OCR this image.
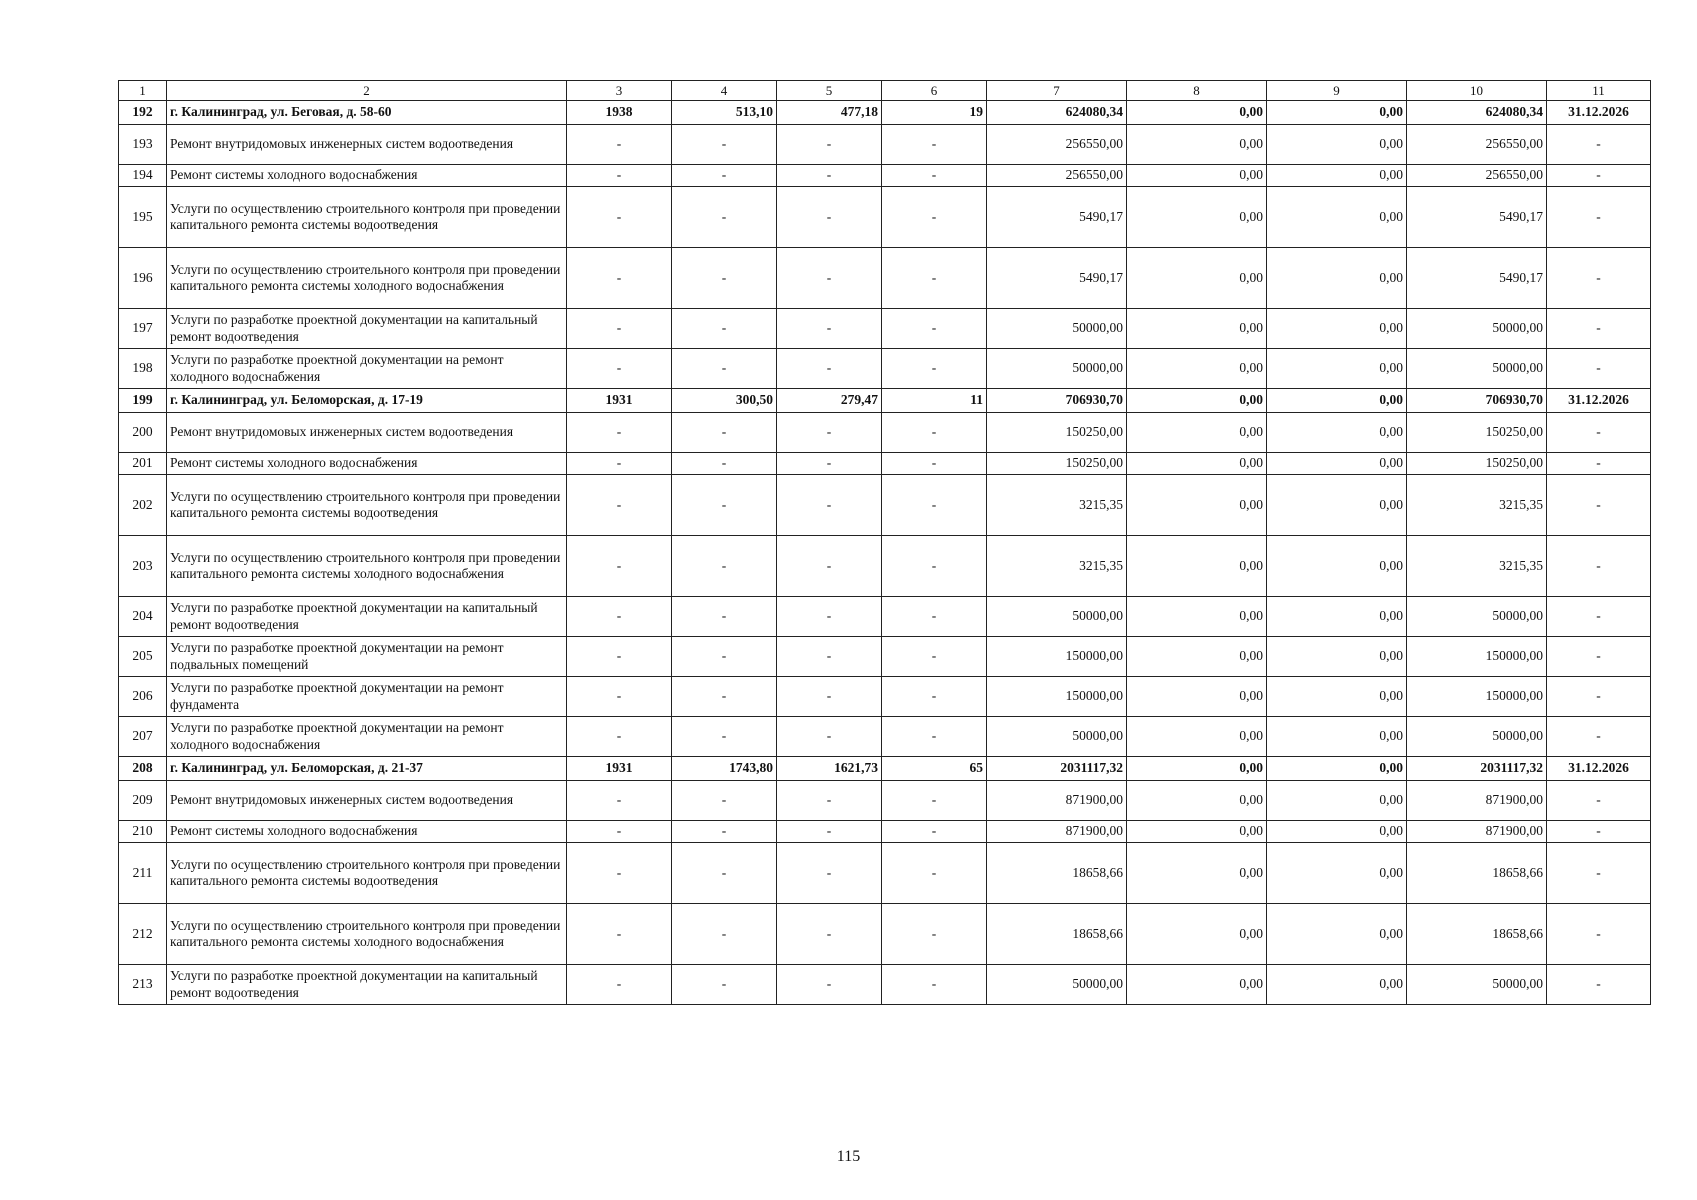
1	2	3	4	5	6	7	8	9	10	11
192	г. Калининград, ул. Беговая, д. 58-60	1938	513,10	477,18	19	624080,34	0,00	0,00	624080,34	31.12.2026
193	Ремонт внутридомовых инженерных систем водоотведения	-	-	-	-	256550,00	0,00	0,00	256550,00	-
194	Ремонт системы холодного водоснабжения	-	-	-	-	256550,00	0,00	0,00	256550,00	-
195	Услуги по осуществлению строительного контроля при проведении капитального ремонта системы водоотведения	-	-	-	-	5490,17	0,00	0,00	5490,17	-
196	Услуги по осуществлению строительного контроля при проведении капитального ремонта системы холодного водоснабжения	-	-	-	-	5490,17	0,00	0,00	5490,17	-
197	Услуги по разработке проектной документации на капитальный ремонт водоотведения	-	-	-	-	50000,00	0,00	0,00	50000,00	-
198	Услуги по разработке проектной документации на ремонт холодного водоснабжения	-	-	-	-	50000,00	0,00	0,00	50000,00	-
199	г. Калининград, ул. Беломорская, д. 17-19	1931	300,50	279,47	11	706930,70	0,00	0,00	706930,70	31.12.2026
200	Ремонт внутридомовых инженерных систем водоотведения	-	-	-	-	150250,00	0,00	0,00	150250,00	-
201	Ремонт системы холодного водоснабжения	-	-	-	-	150250,00	0,00	0,00	150250,00	-
202	Услуги по осуществлению строительного контроля при проведении капитального ремонта системы водоотведения	-	-	-	-	3215,35	0,00	0,00	3215,35	-
203	Услуги по осуществлению строительного контроля при проведении капитального ремонта системы холодного водоснабжения	-	-	-	-	3215,35	0,00	0,00	3215,35	-
204	Услуги по разработке проектной документации на капитальный ремонт водоотведения	-	-	-	-	50000,00	0,00	0,00	50000,00	-
205	Услуги по разработке проектной документации на ремонт подвальных помещений	-	-	-	-	150000,00	0,00	0,00	150000,00	-
206	Услуги по разработке проектной документации на ремонт фундамента	-	-	-	-	150000,00	0,00	0,00	150000,00	-
207	Услуги по разработке проектной документации на ремонт холодного водоснабжения	-	-	-	-	50000,00	0,00	0,00	50000,00	-
208	г. Калининград, ул. Беломорская, д. 21-37	1931	1743,80	1621,73	65	2031117,32	0,00	0,00	2031117,32	31.12.2026
209	Ремонт внутридомовых инженерных систем водоотведения	-	-	-	-	871900,00	0,00	0,00	871900,00	-
210	Ремонт системы холодного водоснабжения	-	-	-	-	871900,00	0,00	0,00	871900,00	-
211	Услуги по осуществлению строительного контроля при проведении капитального ремонта системы водоотведения	-	-	-	-	18658,66	0,00	0,00	18658,66	-
212	Услуги по осуществлению строительного контроля при проведении капитального ремонта системы холодного водоснабжения	-	-	-	-	18658,66	0,00	0,00	18658,66	-
213	Услуги по разработке проектной документации на капитальный ремонт водоотведения	-	-	-	-	50000,00	0,00	0,00	50000,00	-
115
